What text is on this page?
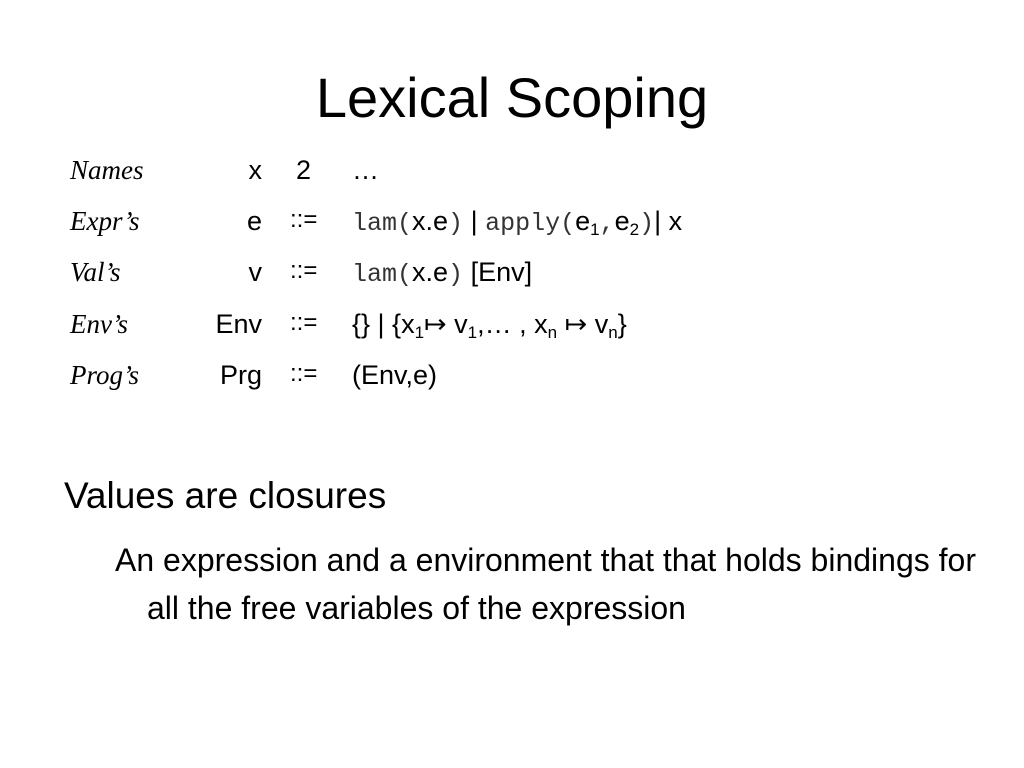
Lexical Scoping
Names	x 2 …
Expr’s	e ::= lam(x.e) | $apply(e_1,e_2)|$ x
Val’s	v ::= lam(x.e) [Env]
Env’s	Env ::= {} | {$x_1↦$ $v_1,\dots$ , $x_n$ ↦ $v_n$}
Prog’s	Prg ::= (Env,e)
Values are closures
An expression and a environment that that holds bindings for all the free variables of the expression
